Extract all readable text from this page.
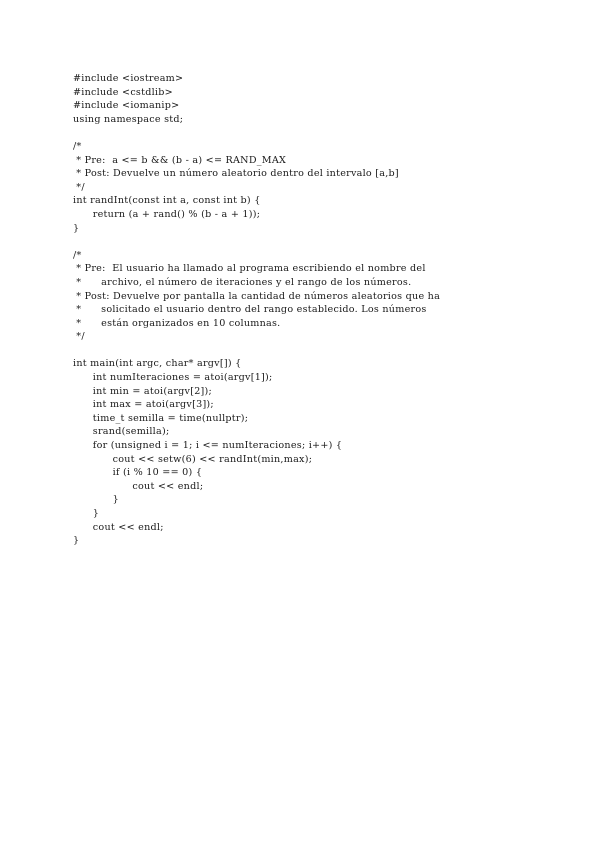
#include <iostream>
#include <cstdlib>
#include <iomanip>
using namespace std;
/*
* Pre:  a <= b && (b - a) <= RAND_MAX
* Post: Devuelve un número aleatorio dentro del intervalo [a,b]
*/
int randInt(const int a, const int b) {
return (a + rand() % (b - a + 1));
}
/*
* Pre:  El usuario ha llamado al programa escribiendo el nombre del
*      archivo, el número de iteraciones y el rango de los números.
* Post: Devuelve por pantalla la cantidad de números aleatorios que ha
*      solicitado el usuario dentro del rango establecido. Los números
*      están organizados en 10 columnas.
*/
int main(int argc, char* argv[]) {
int numIteraciones = atoi(argv[1]);
int min = atoi(argv[2]);
int max = atoi(argv[3]);
time_t semilla = time(nullptr);
srand(semilla);
for (unsigned i = 1; i <= numIteraciones; i++) {
cout << setw(6) << randInt(min,max);
if (i % 10 == 0) {
cout << endl;
}
}
cout << endl;
}
